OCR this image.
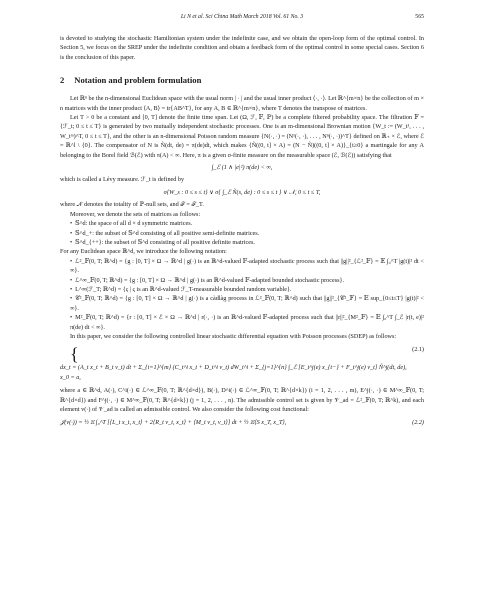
Li N et al. Sci China Math March 2018 Vol. 61 No. 3	565

is devoted to studying the stochastic Hamiltonian system under the indefinite case, and we obtain the open-loop form of the optimal control. In Section 5, we focus on the SREP under the indefinite condition and obtain a feedback form of the optimal control in some special cases. Section 6 is the conclusion of this paper.

2 Notation and problem formulation

Let ℝⁿ be the n-dimensional Euclidean space with the usual norm | · | and the usual inner product ⟨·, ·⟩. Let ℝ^{m×n} be the collection of m × n matrices with the inner product ⟨A, B⟩ = tr{AB^T}, for any A, B ∈ ℝ^{m×n}, where T denotes the transpose of matrices.

Let T > 0 be a constant and [0, T] denote the finite time span. Let (Ω, ℱ, 𝔽, ℙ) be a complete filtered probability space. The filtration 𝔽 = {ℱ_t; 0 ≤ t ≤ T} is generated by two mutually independent stochastic processes. One is an m-dimensional Brownian motion {W_t := (W_t¹, . . . , W_tᵐ)^T, 0 ≤ t ≤ T}, and the other is an n-dimensional Poisson random measure {N(·, ·) = (N¹(·, ·), . . . , Nⁿ(·, ·))^T} defined on ℝ₊ × ℰ, where ℰ = ℝ^l \ {0}. The compensator of N is Ñ(dt, de) = π(de)dt, which makes {Ñ((0, t] × A) = (N − Ñ)((0, t] × A)}_{t≥0} a martingale for any A belonging to the Borel field ℬ(ℰ) with π(A) < ∞. Here, π is a given σ-finite measure on the measurable space (ℰ, ℬ(ℰ)) satisfying that

∫_ℰ (1 ∧ |e|²) π(de) < ∞,

which is called a Lévy measure. ℱ_t is defined by

σ{W_s : 0 ≤ s ≤ t} ∨ σ{ ∫_ℰ Ñ(s, de) : 0 ≤ s ≤ t } ∨ 𝒩, 0 ≤ t ≤ T,

where 𝒩 denotes the totality of ℙ-null sets, and ℱ = ℱ_T.

Moreover, we denote the sets of matrices as follows:

• 𝕊^d: the space of all d × d symmetric matrices.

• 𝕊^d_+: the subset of 𝕊^d consisting of all positive semi-definite matrices.

• 𝕊^d_{++}: the subset of 𝕊^d consisting of all positive definite matrices.

For any Euclidean space ℝ^d, we introduce the following notation:

• ℒ²_𝔽(0, T; ℝ^d) = {g : [0, T] × Ω → ℝ^d | g(·) is an ℝ^d-valued 𝔽-adapted stochastic process such that ||g||²_{ℒ²_𝔽} = 𝔼 ∫₀^T |g(t)|² dt < ∞}.

• ℒ^∞_𝔽(0, T; ℝ^d) = {g : [0, T] × Ω → ℝ^d | g(·) is an ℝ^d-valued 𝔽-adapted bounded stochastic process}.

• L^∞(ℱ_T; ℝ^d) = {ς | ς is an ℝ^d-valued ℱ_T-measurable bounded random variable}.

• 𝒞²_𝔽(0, T; ℝ^d) = {g : [0, T] × Ω → ℝ^d | g(·) is a càdlàg process in ℒ²_𝔽(0, T; ℝ^d) such that ||g||²_{𝒞²_𝔽} = 𝔼 sup_{0≤t≤T} |g(t)|² < ∞}.

• M²_𝔽(0, T; ℝ^d) = {r : [0, T] × ℰ × Ω → ℝ^d | r(·, ·) is an ℝ^d-valued 𝔽-adapted process such that ||r||²_{M²_𝔽} = 𝔼 ∫₀^T ∫_ℰ |r(t, e)|² π(de) dt < ∞}.

In this paper, we consider the following controlled linear stochastic differential equation with Poisson processes (SDEP) as follows:

{dx_t = (A_t x_t + B_t v_t) dt + Σ_{i=1}^{m} (C_t^i x_t + D_t^i v_t) dW_t^i + Σ_{j=1}^{n} ∫_ℰ [E_t^j(e) x_{t−} + F_t^j(e) v_t] Ñ^j(dt, de),
x_0 = a,
(2.1)

where a ∈ ℝ^d, A(·), C^i(·) ∈ ℒ^∞_𝔽(0, T; ℝ^{d×d}), B(·), D^i(·) ∈ ℒ^∞_𝔽(0, T; ℝ^{d×k}) (i = 1, 2, . . . , m), E^j(·, ·) ∈ M^∞_𝔽(0, T; ℝ^{d×d}) and F^j(·, ·) ∈ M^∞_𝔽(0, T; ℝ^{d×k}) (j = 1, 2, . . . , n). The admissible control set is given by 𝒱_ad = ℒ²_𝔽(0, T; ℝ^k), and each element v(·) of 𝒱_ad is called an admissible control. We also consider the following cost functional:

𝒥(v(·)) = ½ 𝔼 ∫₀^T [⟨L_t x_t, x_t⟩ + 2⟨R_t v_t, x_t⟩ + ⟨M_t v_t, v_t⟩] dt + ½ 𝔼⟨S x_T, x_T⟩,	(2.2)
